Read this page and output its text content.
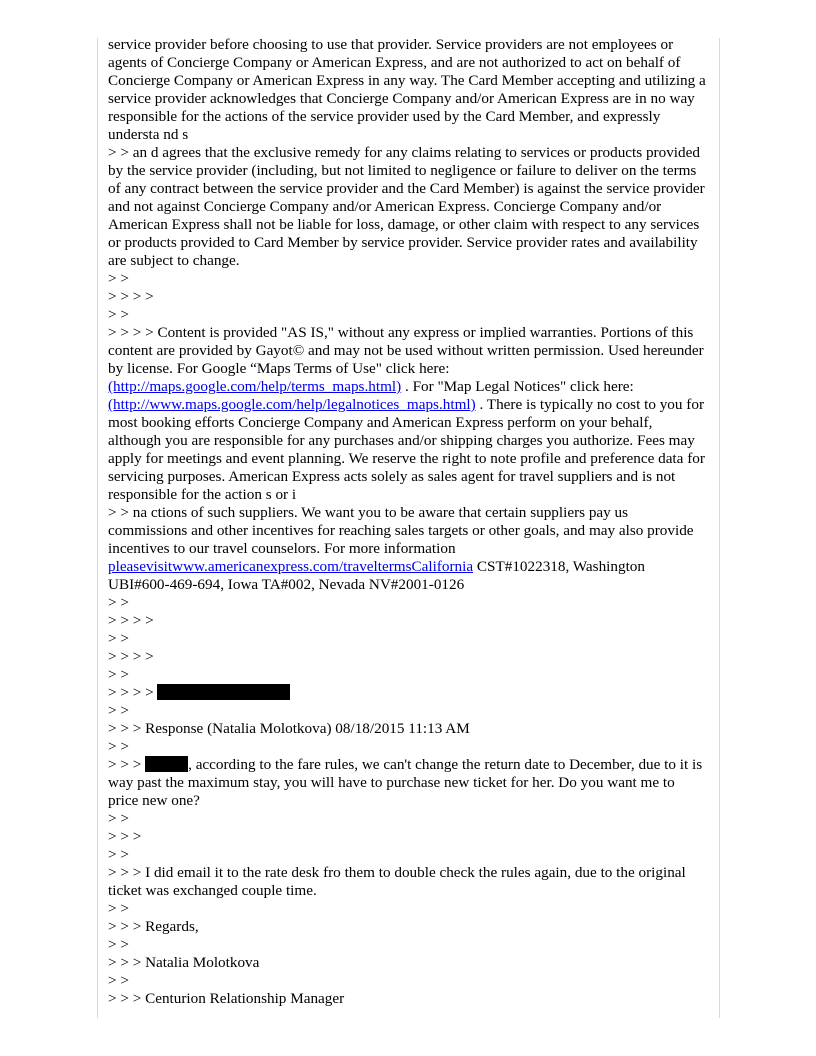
service provider before choosing to use that provider. Service providers are not employees or agents of Concierge Company or American Express, and are not authorized to act on behalf of Concierge Company or American Express in any way. The Card Member accepting and utilizing a service provider acknowledges that Concierge Company and/or American Express are in no way responsible for the actions of the service provider used by the Card Member, and expressly understa nd s

> > an d agrees that the exclusive remedy for any claims relating to services or products provided by the service provider (including, but not limited to negligence or failure to deliver on the terms of any contract between the service provider and the Card Member) is against the service provider and not against Concierge Company and/or American Express. Concierge Company and/or American Express shall not be liable for loss, damage, or other claim with respect to any services or products provided to Card Member by service provider. Service provider rates and availability are subject to change.

> >

> > > >

> >

> > > > Content is provided "AS IS," without any express or implied warranties. Portions of this content are provided by Gayot© and may not be used without written permission. Used hereunder by license. For Google “Maps Terms of Use" click here: (http://maps.google.com/help/terms_maps.html) . For "Map Legal Notices" click here: (http://www.maps.google.com/help/legalnotices_maps.html) . There is typically no cost to you for most booking efforts Concierge Company and American Express perform on your behalf, although you are responsible for any purchases and/or shipping charges you authorize. Fees may apply for meetings and event planning. We reserve the right to note profile and preference data for servicing purposes. American Express acts solely as sales agent for travel suppliers and is not responsible for the action s or i

> > na ctions of such suppliers. We want you to be aware that certain suppliers pay us commissions and other incentives for reaching sales targets or other goals, and may also provide incentives to our travel counselors. For more information pleasevisitwww.americanexpress.com/traveltermsCalifornia CST#1022318, Washington UBI#600-469-694, Iowa TA#002, Nevada NV#2001-0126

> >

> > > >

> >

> > > >

> >

> > > >

> >

> > > Response (Natalia Molotkova) 08/18/2015 11:13 AM

> >

> > >	, according to the fare rules, we can't change the return date to December, due to it is way past the maximum stay, you will have to purchase new ticket for her. Do you want me to price new one?

> >

> > >

> >

> > > I did email it to the rate desk fro them to double check the rules again, due to the original ticket was exchanged couple time.

> >

> > > Regards,

> >

> > > Natalia Molotkova

> >

> > > Centurion Relationship Manager
